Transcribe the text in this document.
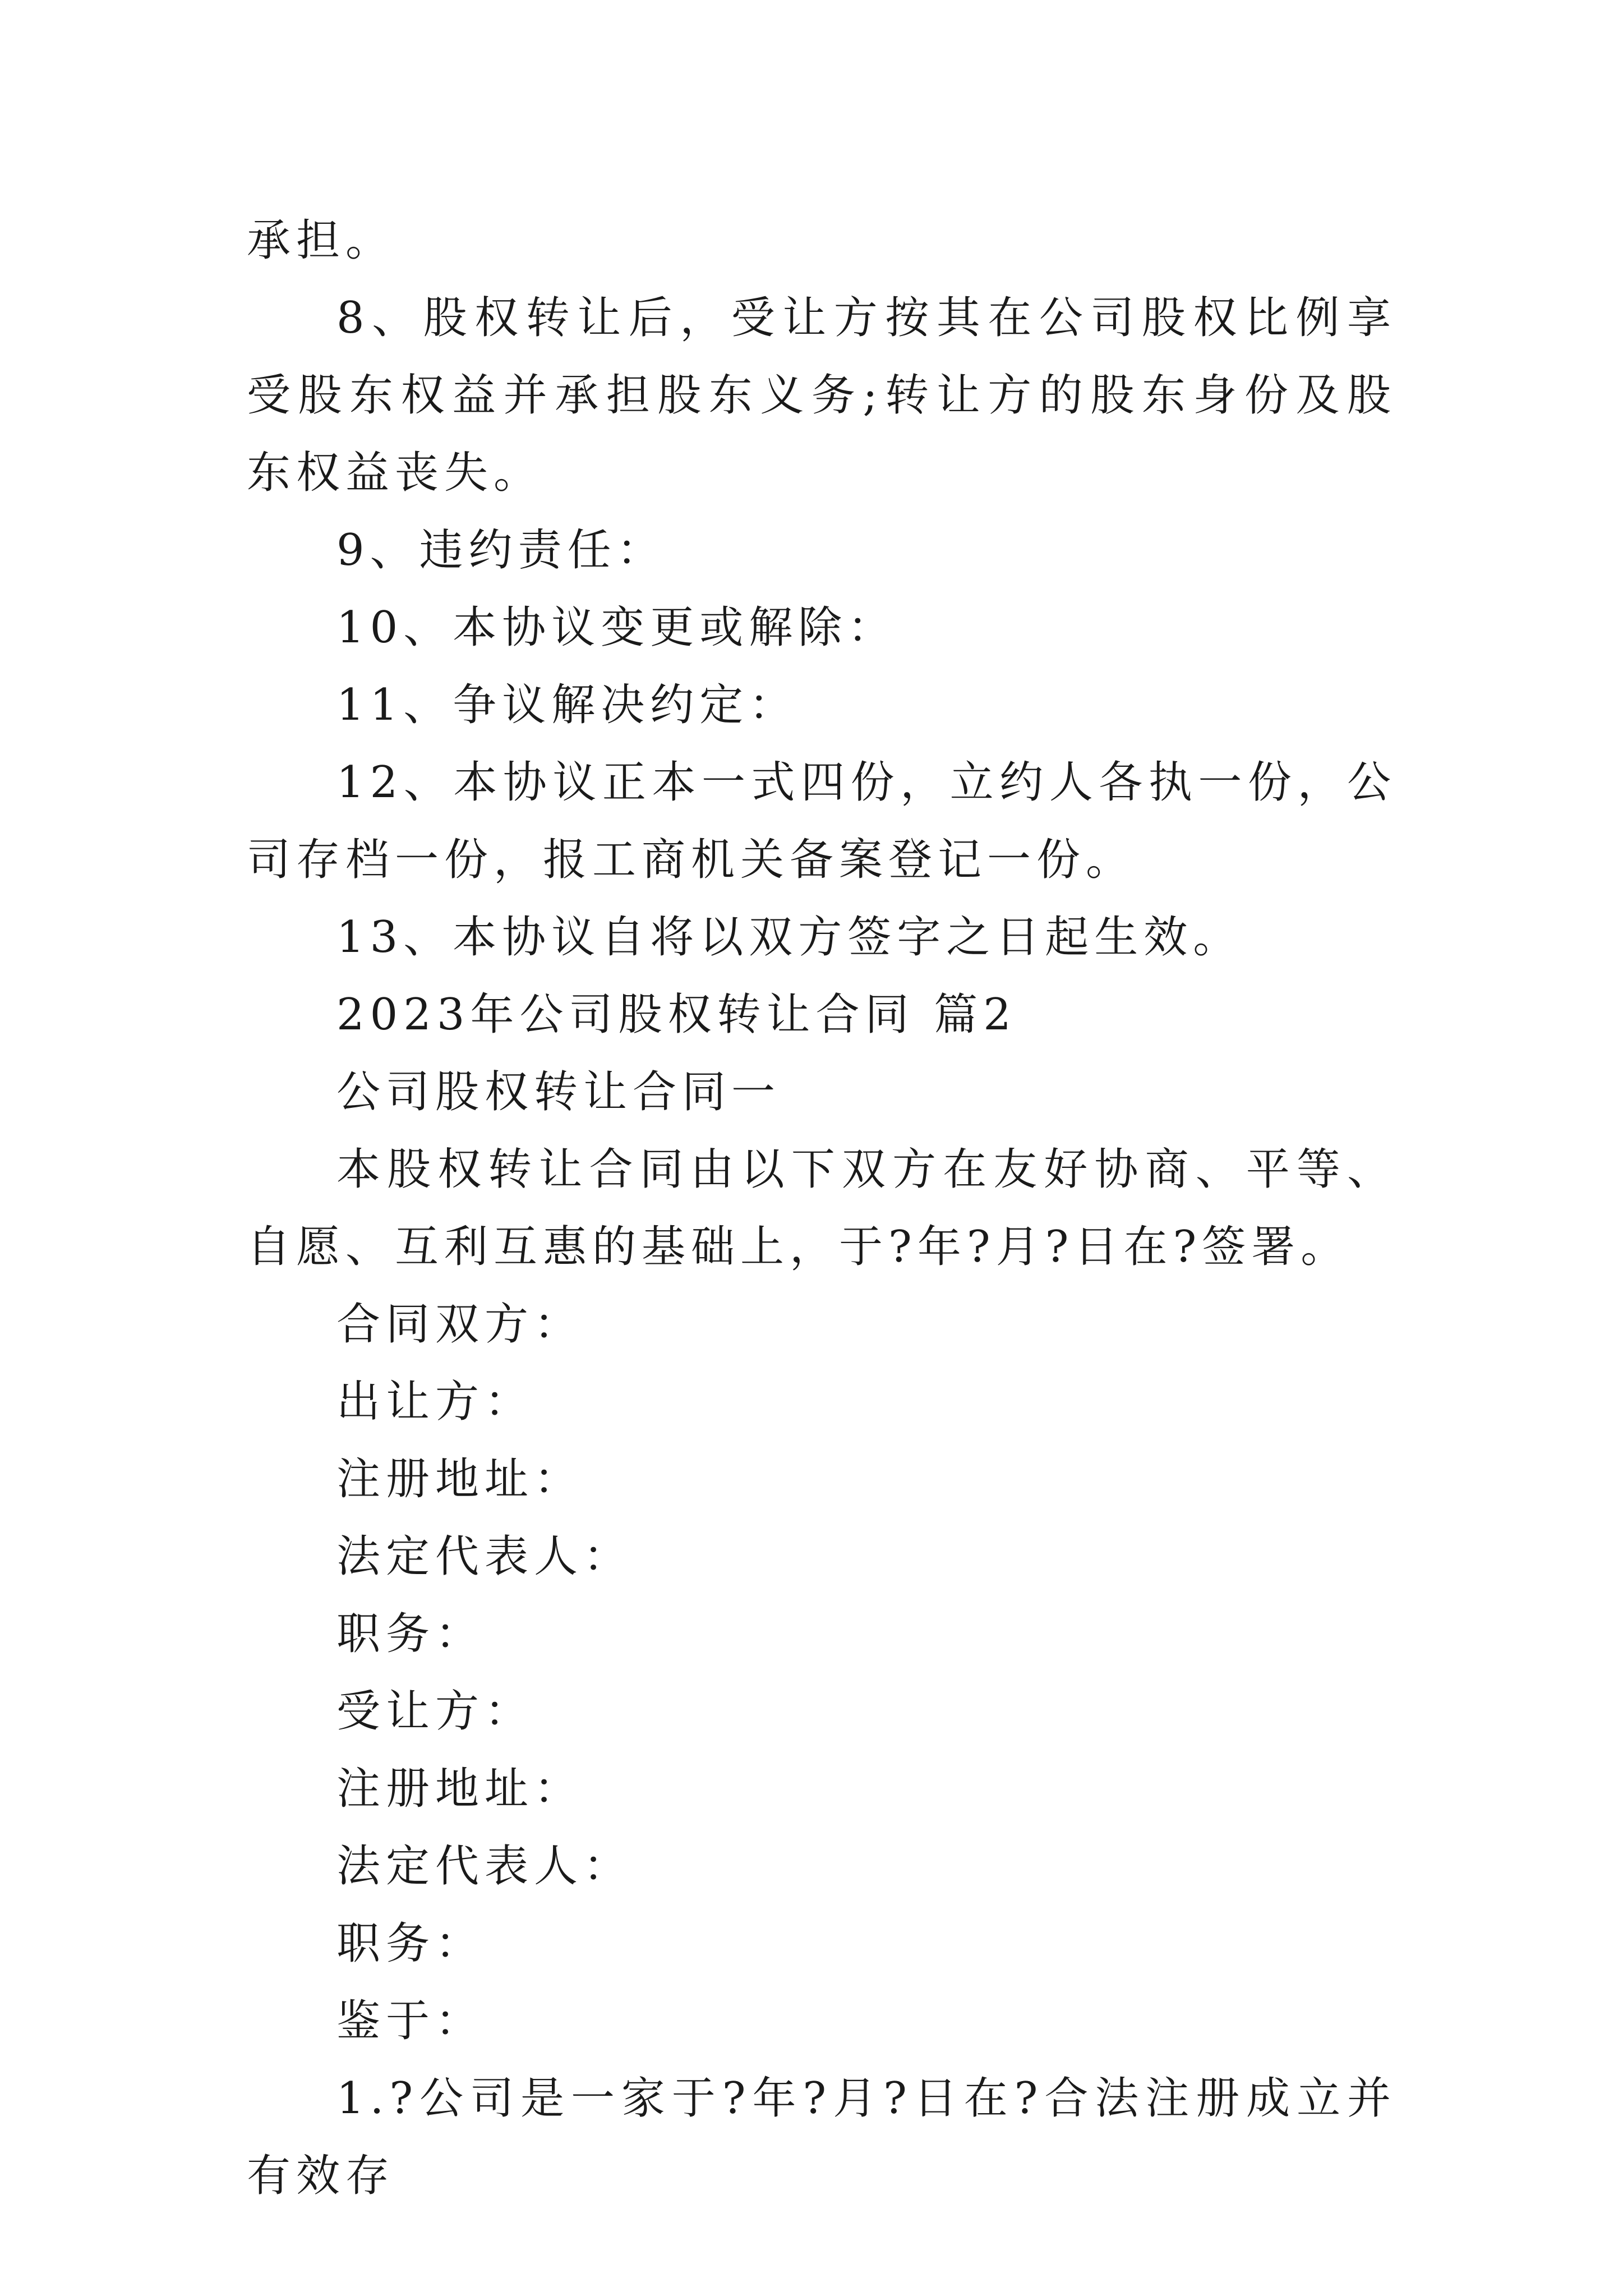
承担。

8、股权转让后，受让方按其在公司股权比例享受股东权益并承担股东义务;转让方的股东身份及股东权益丧失。

9、违约责任：

10、本协议变更或解除：

11、争议解决约定：

12、本协议正本一式四份，立约人各执一份，公司存档一份，报工商机关备案登记一份。

13、本协议自将以双方签字之日起生效。

2023年公司股权转让合同 篇2

公司股权转让合同一

本股权转让合同由以下双方在友好协商、平等、自愿、互利互惠的基础上，于?年?月?日在?签署。

合同双方：

出让方：

注册地址：

法定代表人：

职务：

受让方：

注册地址：

法定代表人：

职务：

鉴于：

1.?公司是一家于?年?月?日在?合法注册成立并有效存
